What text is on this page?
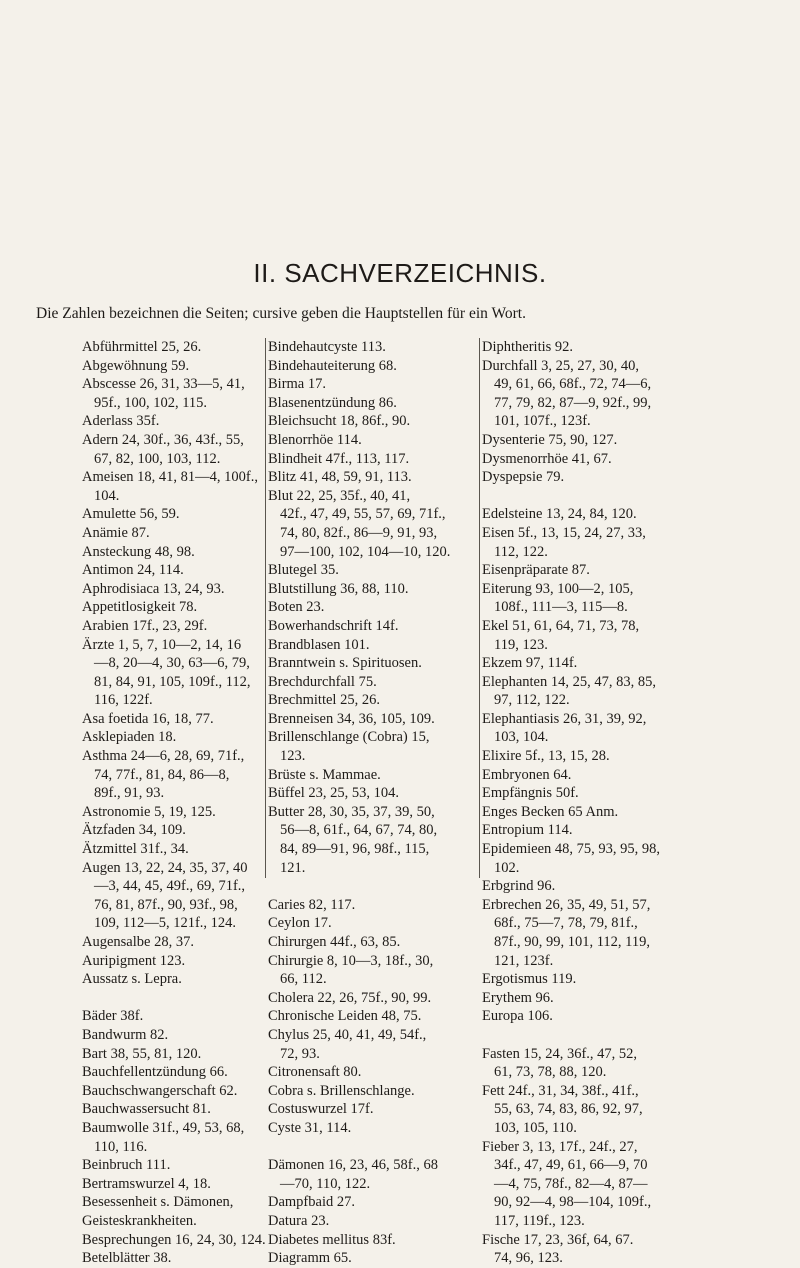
II. SACHVERZEICHNIS.

Die Zahlen bezeichnen die Seiten; cursive geben die Hauptstellen für ein Wort.

Abführmittel 25, 26.
Abgewöhnung 59.
Abscesse 26, 31, 33—5, 41,
95f., 100, 102, 115.
Aderlass 35f.
Adern 24, 30f., 36, 43f., 55,
67, 82, 100, 103, 112.
Ameisen 18, 41, 81—4, 100f.,
104.
Amulette 56, 59.
Anämie 87.
Ansteckung 48, 98.
Antimon 24, 114.
Aphrodisiaca 13, 24, 93.
Appetitlosigkeit 78.
Arabien 17f., 23, 29f.
Ärzte 1, 5, 7, 10—2, 14, 16
—8, 20—4, 30, 63—6, 79,
81, 84, 91, 105, 109f., 112,
116, 122f.
Asa foetida 16, 18, 77.
Asklepiaden 18.
Asthma 24—6, 28, 69, 71f.,
74, 77f., 81, 84, 86—8,
89f., 91, 93.
Astronomie 5, 19, 125.
Ätzfaden 34, 109.
Ätzmittel 31f., 34.
Augen 13, 22, 24, 35, 37, 40
—3, 44, 45, 49f., 69, 71f.,
76, 81, 87f., 90, 93f., 98,
109, 112—5, 121f., 124.
Augensalbe 28, 37.
Auripigment 123.
Aussatz s. Lepra.
Bäder 38f.
Bandwurm 82.
Bart 38, 55, 81, 120.
Bauchfellentzündung 66.
Bauchschwangerschaft 62.
Bauchwassersucht 81.
Baumwolle 31f., 49, 53, 68,
110, 116.
Beinbruch 111.
Bertramswurzel 4, 18.
Besessenheit s. Dämonen,
Geisteskrankheiten.
Besprechungen 16, 24, 30, 124.
Betelblätter 38.
Bindehautcyste 113.
Bindehauteiterung 68.
Birma 17.
Blasenentzündung 86.
Bleichsucht 18, 86f., 90.
Blenorrhöe 114.
Blindheit 47f., 113, 117.
Blitz 41, 48, 59, 91, 113.
Blut 22, 25, 35f., 40, 41,
42f., 47, 49, 55, 57, 69, 71f.,
74, 80, 82f., 86—9, 91, 93,
97—100, 102, 104—10, 120.
Blutegel 35.
Blutstillung 36, 88, 110.
Boten 23.
Bowerhandschrift 14f.
Brandblasen 101.
Branntwein s. Spirituosen.
Brechdurchfall 75.
Brechmittel 25, 26.
Brenneisen 34, 36, 105, 109.
Brillenschlange (Cobra) 15,
123.
Brüste s. Mammae.
Büffel 23, 25, 53, 104.
Butter 28, 30, 35, 37, 39, 50,
56—8, 61f., 64, 67, 74, 80,
84, 89—91, 96, 98f., 115,
121.
Caries 82, 117.
Ceylon 17.
Chirurgen 44f., 63, 85.
Chirurgie 8, 10—3, 18f., 30,
66, 112.
Cholera 22, 26, 75f., 90, 99.
Chronische Leiden 48, 75.
Chylus 25, 40, 41, 49, 54f.,
72, 93.
Citronensaft 80.
Cobra s. Brillenschlange.
Costuswurzel 17f.
Cyste 31, 114.
Dämonen 16, 23, 46, 58f., 68
—70, 110, 122.
Dampfbaid 27.
Datura 23.
Diabetes mellitus 83f.
Diagramm 65.
Diphtheritis 92.
Durchfall 3, 25, 27, 30, 40,
49, 61, 66, 68f., 72, 74—6,
77, 79, 82, 87—9, 92f., 99,
101, 107f., 123f.
Dysenterie 75, 90, 127.
Dysmenorrhöe 41, 67.
Dyspepsie 79.
Edelsteine 13, 24, 84, 120.
Eisen 5f., 13, 15, 24, 27, 33,
112, 122.
Eisenpräparate 87.
Eiterung 93, 100—2, 105,
108f., 111—3, 115—8.
Ekel 51, 61, 64, 71, 73, 78,
119, 123.
Ekzem 97, 114f.
Elephanten 14, 25, 47, 83, 85,
97, 112, 122.
Elephantiasis 26, 31, 39, 92,
103, 104.
Elixire 5f., 13, 15, 28.
Embryonen 64.
Empfängnis 50f.
Enges Becken 65 Anm.
Entropium 114.
Epidemieen 48, 75, 93, 95, 98,
102.
Erbgrind 96.
Erbrechen 26, 35, 49, 51, 57,
68f., 75—7, 78, 79, 81f.,
87f., 90, 99, 101, 112, 119,
121, 123f.
Ergotismus 119.
Erythem 96.
Europa 106.
Fasten 15, 24, 36f., 47, 52,
61, 73, 78, 88, 120.
Fett 24f., 31, 34, 38f., 41f.,
55, 63, 74, 83, 86, 92, 97,
103, 105, 110.
Fieber 3, 13, 17f., 24f., 27,
34f., 47, 49, 61, 66—9, 70
—4, 75, 78f., 82—4, 87—
90, 92—4, 98—104, 109f.,
117, 119f., 123.
Fische 17, 23, 36f, 64, 67.
74, 96, 123.
